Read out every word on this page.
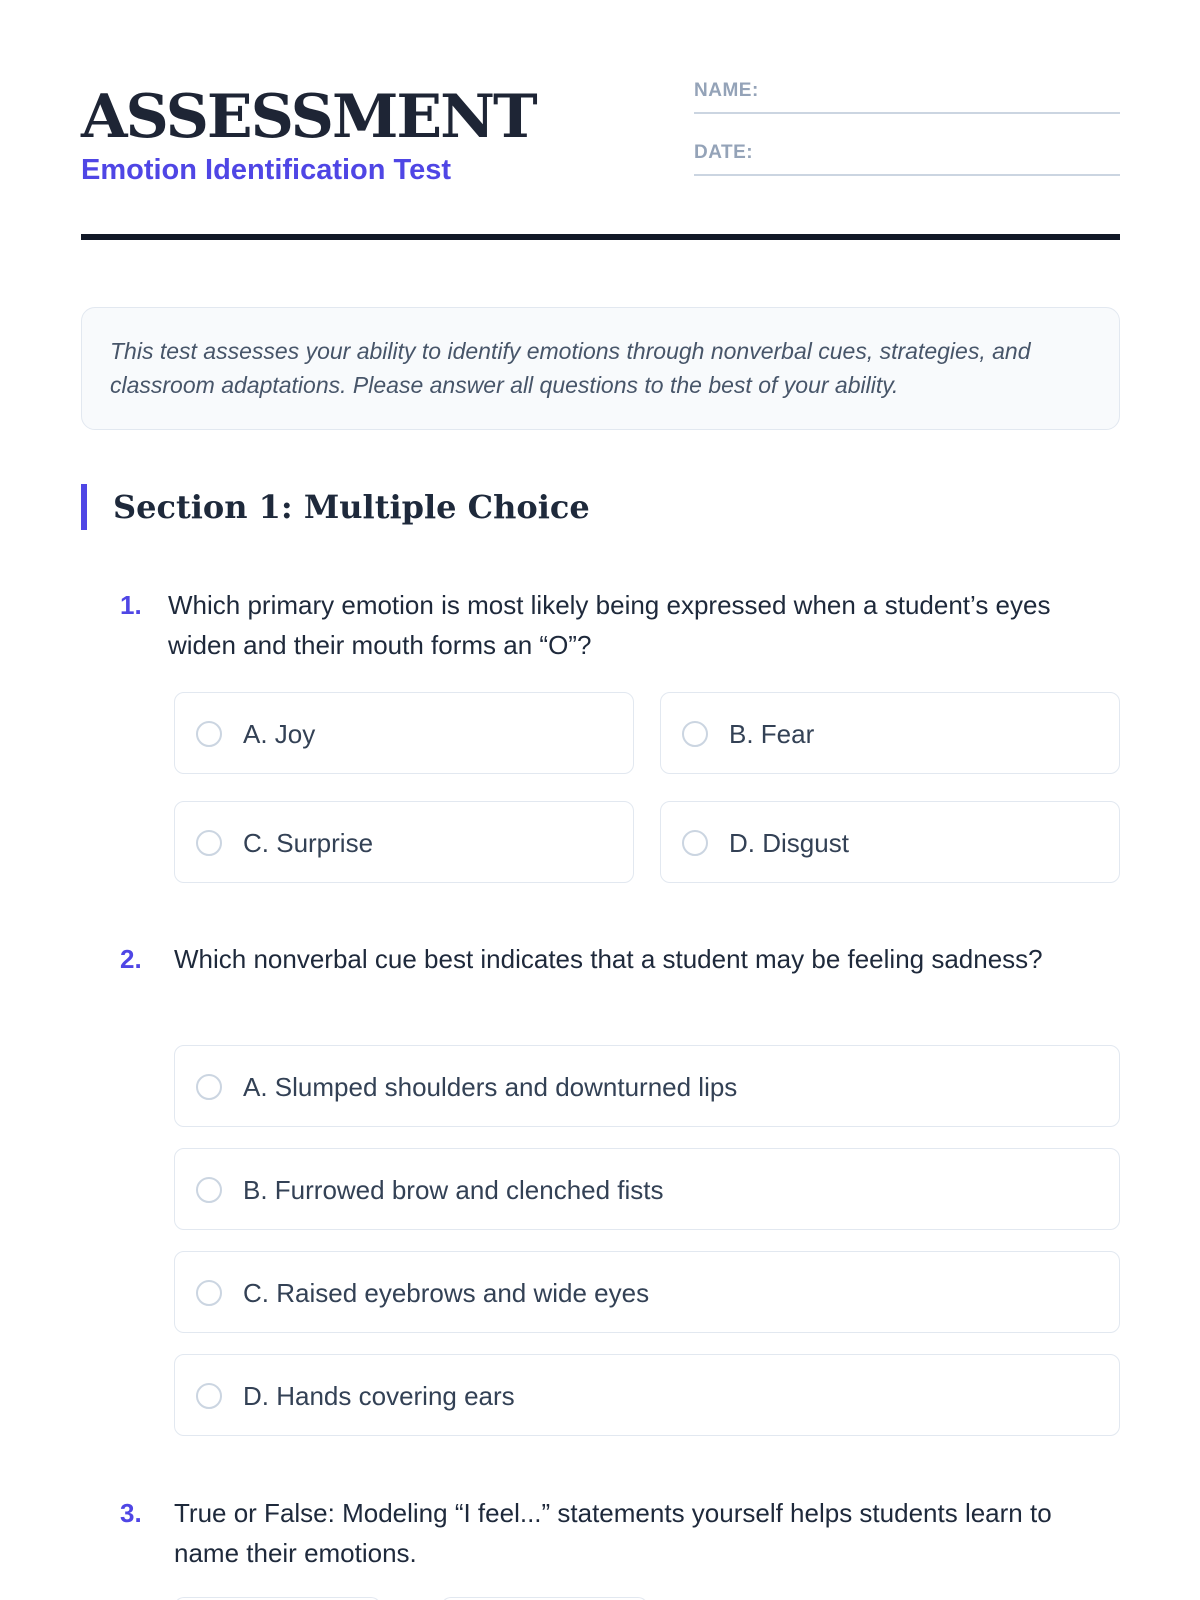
ASSESSMENT
Emotion Identification Test
NAME:
DATE:

This test assesses your ability to identify emotions through nonverbal cues, strategies, and classroom adaptations. Please answer all questions to the best of your ability.

Section 1: Multiple Choice
1. Which primary emotion is most likely being expressed when a student’s eyes widen and their mouth forms an “O”?
A. Joy	B. Fear
C. Surprise	D. Disgust
2. Which nonverbal cue best indicates that a student may be feeling sadness?
A. Slumped shoulders and downturned lips
B. Furrowed brow and clenched fists
C. Raised eyebrows and wide eyes
D. Hands covering ears
3. True or False: Modeling “I feel...” statements yourself helps students learn to name their emotions.
